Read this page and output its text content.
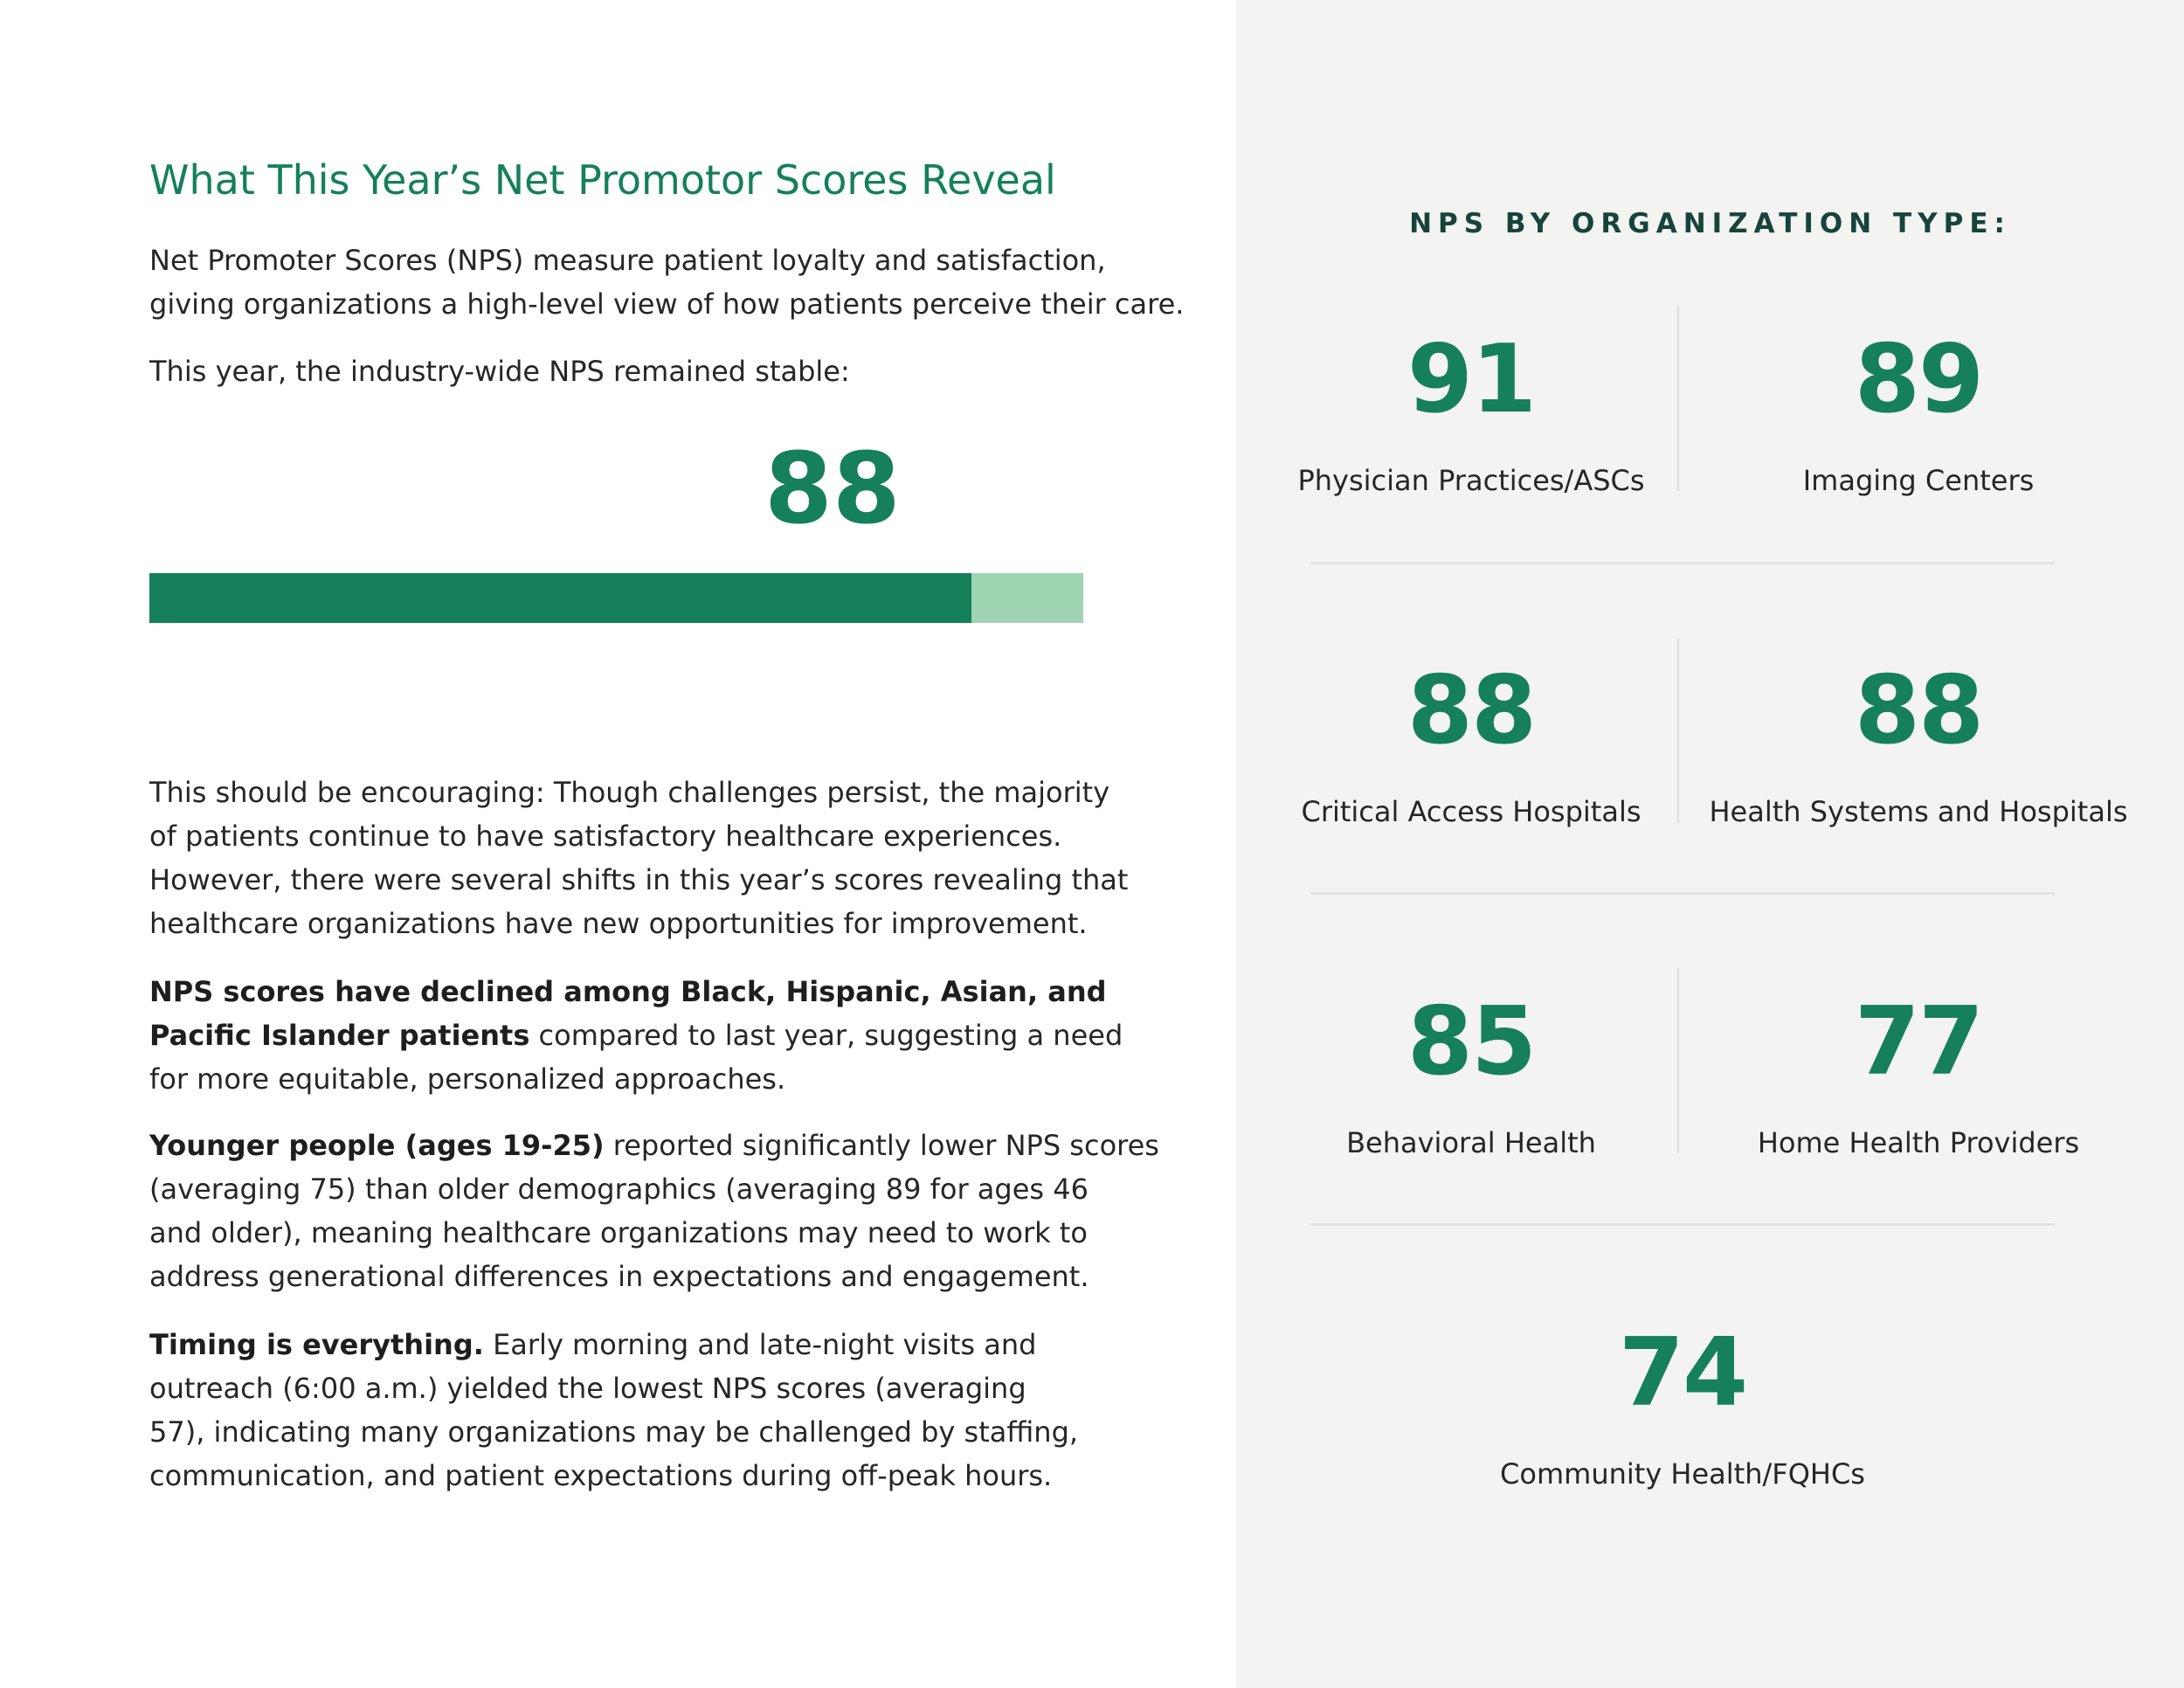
What This Year’s Net Promotor Scores Reveal

Net Promoter Scores (NPS) measure patient loyalty and satisfaction,
giving organizations a high-level view of how patients perceive their care.

This year, the industry-wide NPS remained stable:

88

This should be encouraging: Though challenges persist, the majority
of patients continue to have satisfactory healthcare experiences.
However, there were several shifts in this year’s scores revealing that
healthcare organizations have new opportunities for improvement.

NPS scores have declined among Black, Hispanic, Asian, and
Pacific Islander patients compared to last year, suggesting a need
for more equitable, personalized approaches.

Younger people (ages 19-25) reported significantly lower NPS scores
(averaging 75) than older demographics (averaging 89 for ages 46
and older), meaning healthcare organizations may need to work to
address generational differences in expectations and engagement.

Timing is everything. Early morning and late-night visits and
outreach (6:00 a.m.) yielded the lowest NPS scores (averaging
57), indicating many organizations may be challenged by staffing,
communication, and patient expectations during off-peak hours.

NPS BY ORGANIZATION TYPE:
91
Physician Practices/ASCs
89
Imaging Centers
88
Critical Access Hospitals
88
Health Systems and Hospitals
85
Behavioral Health
77
Home Health Providers
74
Community Health/FQHCs
